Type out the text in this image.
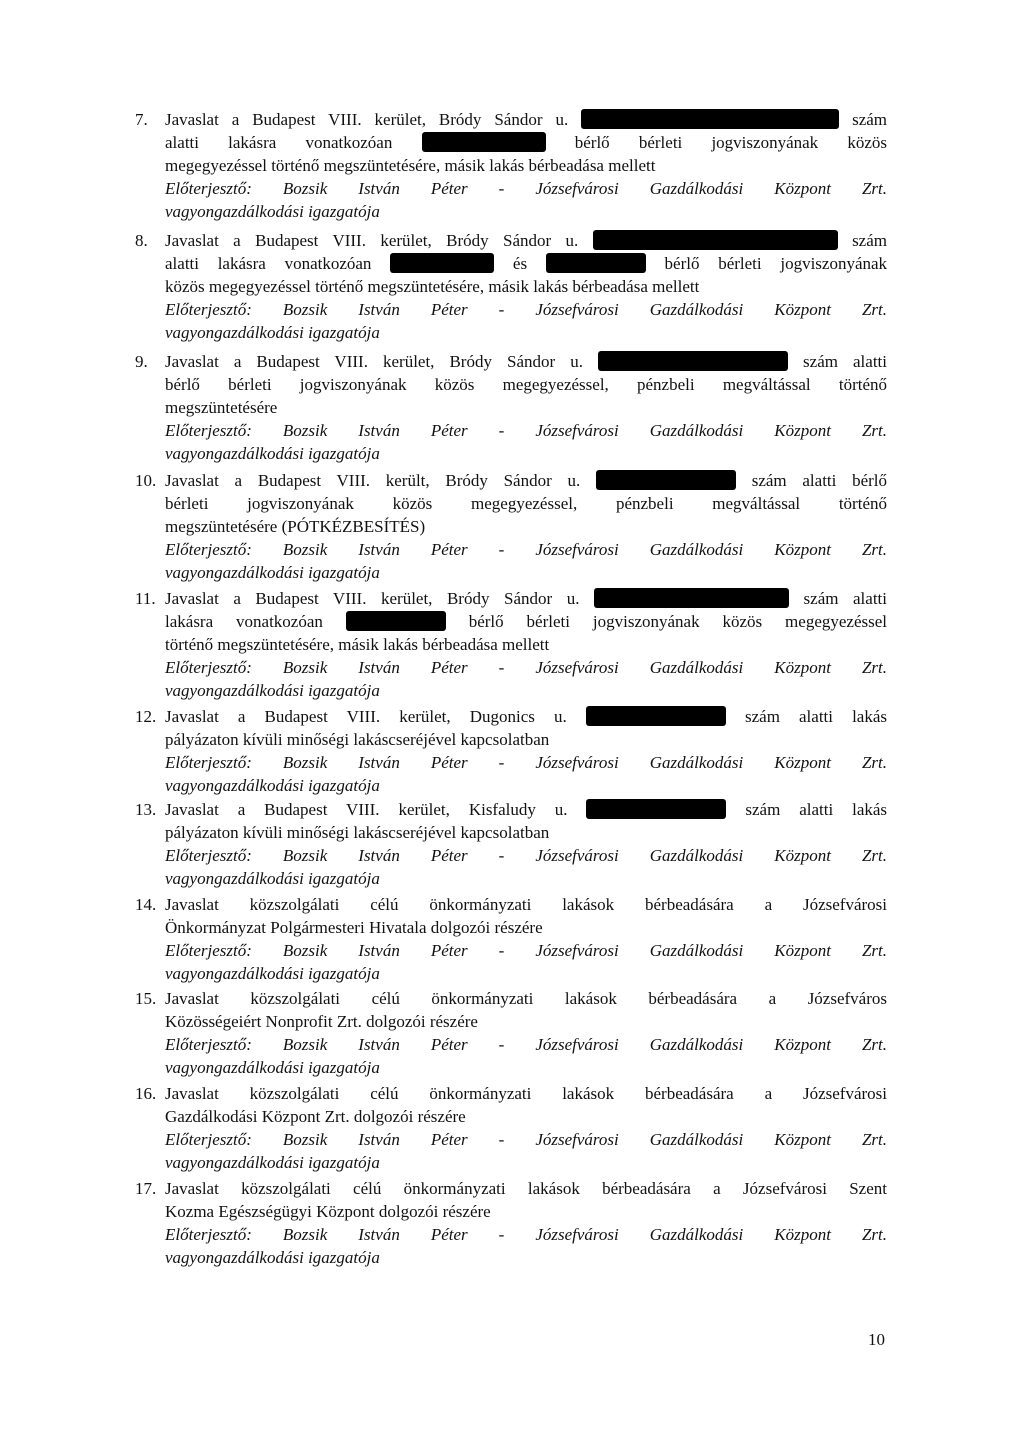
7.	Javaslat a Budapest VIII. kerület, Bródy Sándor u.	szám
alatti lakásra vonatkozóan	bérlő bérleti jogviszonyának közös
megegyezéssel történő megszüntetésére, másik lakás bérbeadása mellett
Előterjesztő: Bozsik István Péter - Józsefvárosi Gazdálkodási Központ Zrt.
vagyongazdálkodási igazgatója
8.	Javaslat a Budapest VIII. kerület, Bródy Sándor u.	szám
alatti lakásra vonatkozóan	és	bérlő bérleti jogviszonyának
közös megegyezéssel történő megszüntetésére, másik lakás bérbeadása mellett
Előterjesztő: Bozsik István Péter - Józsefvárosi Gazdálkodási Központ Zrt.
vagyongazdálkodási igazgatója
9.	Javaslat a Budapest VIII. kerület, Bródy Sándor u.	szám alatti
bérlő bérleti jogviszonyának közös megegyezéssel, pénzbeli megváltással történő
megszüntetésére
Előterjesztő: Bozsik István Péter - Józsefvárosi Gazdálkodási Központ Zrt.
vagyongazdálkodási igazgatója
10. Javaslat a Budapest VIII. került, Bródy Sándor u.	szám alatti bérlő
bérleti jogviszonyának közös megegyezéssel, pénzbeli megváltással történő
megszüntetésére (PÓTKÉZBESÍTÉS)
Előterjesztő: Bozsik István Péter - Józsefvárosi Gazdálkodási Központ Zrt.
vagyongazdálkodási igazgatója
11. Javaslat a Budapest VIII. kerület, Bródy Sándor u.	szám alatti
lakásra vonatkozóan	bérlő bérleti jogviszonyának közös megegyezéssel
történő megszüntetésére, másik lakás bérbeadása mellett
Előterjesztő: Bozsik István Péter - Józsefvárosi Gazdálkodási Központ Zrt.
vagyongazdálkodási igazgatója
12. Javaslat a Budapest VIII. kerület, Dugonics u.	szám alatti lakás
pályázaton kívüli minőségi lakáscseréjével kapcsolatban
Előterjesztő: Bozsik István Péter - Józsefvárosi Gazdálkodási Központ Zrt.
vagyongazdálkodási igazgatója
13. Javaslat a Budapest VIII. kerület, Kisfaludy u.	szám alatti lakás
pályázaton kívüli minőségi lakáscseréjével kapcsolatban
Előterjesztő: Bozsik István Péter - Józsefvárosi Gazdálkodási Központ Zrt.
vagyongazdálkodási igazgatója
14. Javaslat közszolgálati célú önkormányzati lakások bérbeadására a Józsefvárosi
Önkormányzat Polgármesteri Hivatala dolgozói részére
Előterjesztő: Bozsik István Péter - Józsefvárosi Gazdálkodási Központ Zrt.
vagyongazdálkodási igazgatója
15. Javaslat közszolgálati célú önkormányzati lakások bérbeadására a Józsefváros
Közösségeiért Nonprofit Zrt. dolgozói részére
Előterjesztő: Bozsik István Péter - Józsefvárosi Gazdálkodási Központ Zrt.
vagyongazdálkodási igazgatója
16. Javaslat közszolgálati célú önkormányzati lakások bérbeadására a Józsefvárosi
Gazdálkodási Központ Zrt. dolgozói részére
Előterjesztő: Bozsik István Péter - Józsefvárosi Gazdálkodási Központ Zrt.
vagyongazdálkodási igazgatója
17. Javaslat közszolgálati célú önkormányzati lakások bérbeadására a Józsefvárosi Szent
Kozma Egészségügyi Központ dolgozói részére
Előterjesztő: Bozsik István Péter - Józsefvárosi Gazdálkodási Központ Zrt.
vagyongazdálkodási igazgatója
10
